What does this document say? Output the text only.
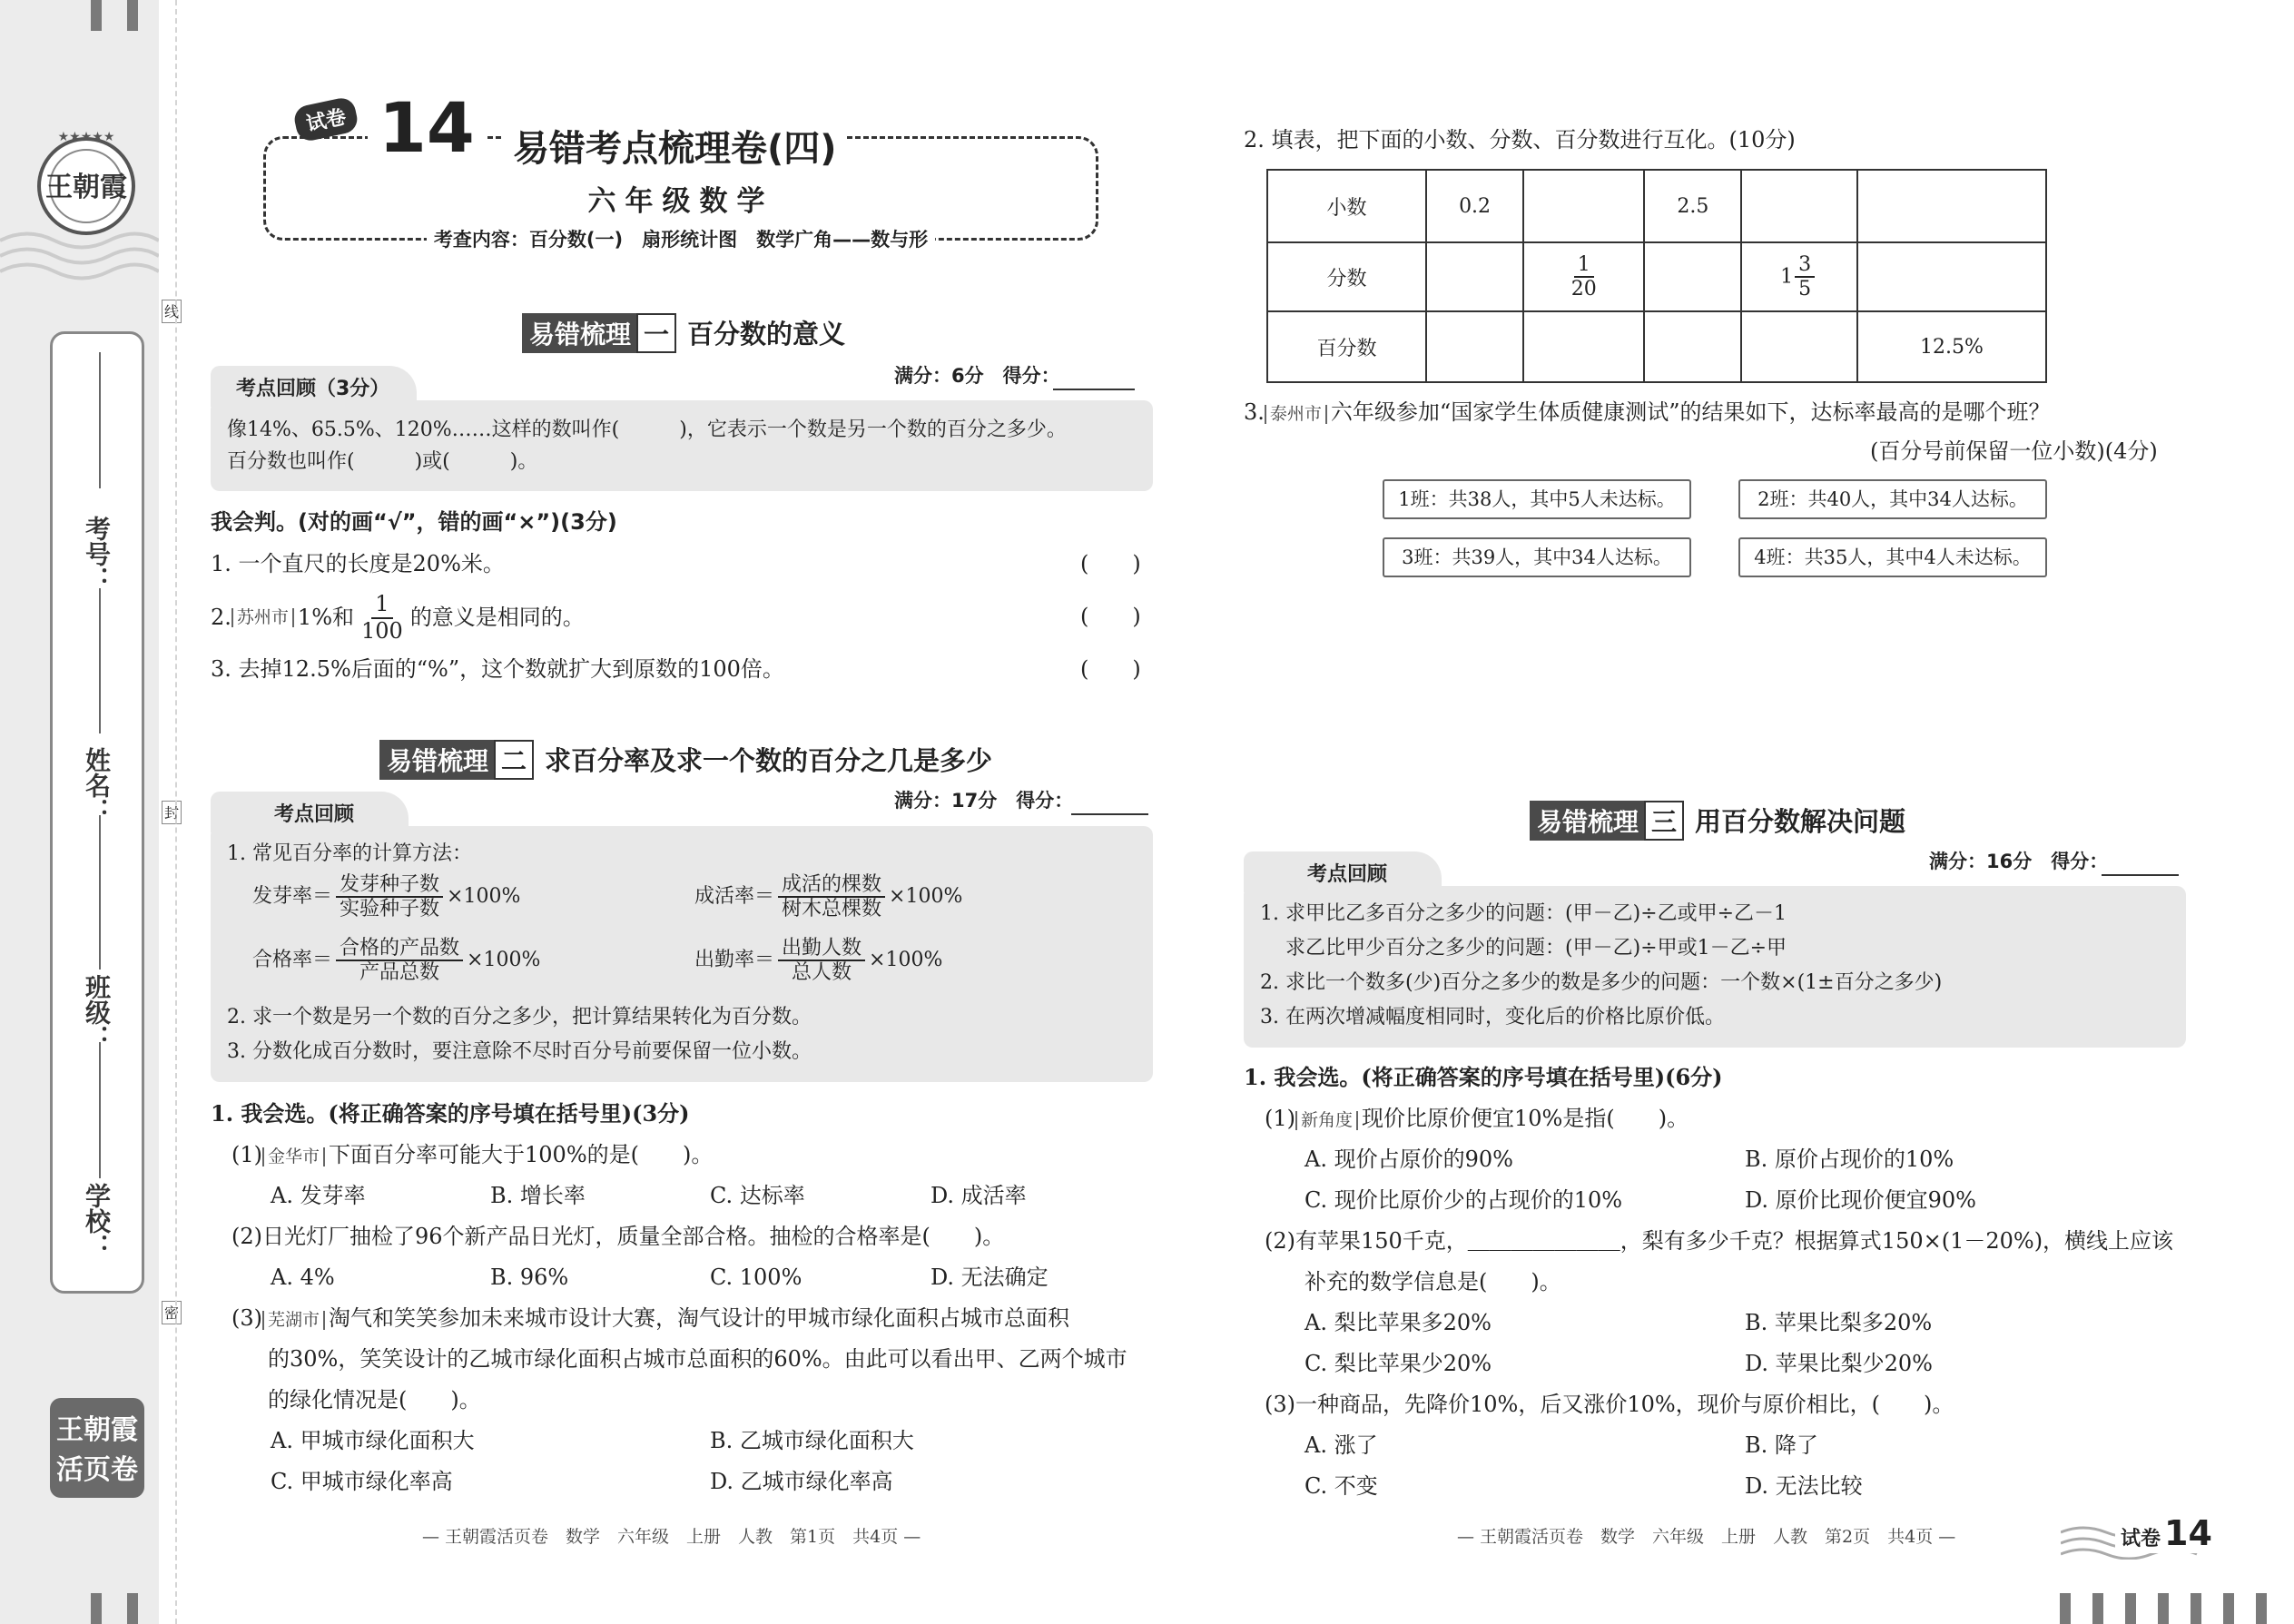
★★★★★
王朝霞
考号：
姓名：
班级：
学校：
线
封
密
王朝霞
活页卷
试卷 14	易错考点梳理卷(四)
六年级数学
考查内容：百分数(一)　扇形统计图　数学广角——数与形
易错梳理 一 百分数的意义
考点回顾（3分）
满分：6分　得分：
像14%、65.5%、120%……这样的数叫作(　　　)，它表示一个数是另一个数的百分之多少。
百分数也叫作(　　　)或(　　　)。
我会判。(对的画“√”，错的画“×”)(3分)
1. 一个直尺的长度是20%米。	(　　)
2. 苏州市 1%和 $\frac{1}{100}$ 的意义是相同的。	(　　)
3. 去掉12.5%后面的“%”，这个数就扩大到原数的100倍。	(　　)
易错梳理 二 求百分率及求一个数的百分之几是多少
考点回顾
满分：17分　得分：
1. 常见百分率的计算方法：
发芽率＝ $\frac{\text{发芽种子数}}{\text{实验种子数}} \times 100\%$	成活率＝ $\frac{\text{成活的棵数}}{\text{树木总棵数}} \times 100\%$
合格率＝ $\frac{\text{合格的产品数}}{\text{产品总数}} \times 100\%$	出勤率＝ $\frac{\text{出勤人数}}{\text{总人数}} \times 100\%$
2. 求一个数是另一个数的百分之多少，把计算结果转化为百分数。
3. 分数化成百分数时，要注意除不尽时百分号前要保留一位小数。
1. 我会选。(将正确答案的序号填在括号里)(3分)
(1) 金华市 下面百分率可能大于100%的是(　　)。
A. 发芽率	B. 增长率	C. 达标率	D. 成活率
(2)日光灯厂抽检了96个新产品日光灯，质量全部合格。抽检的合格率是(　　)。
A. 4%	B. 96%	C. 100%	D. 无法确定
(3) 芜湖市 淘气和笑笑参加未来城市设计大赛，淘气设计的甲城市绿化面积占城市总面积
的30%，笑笑设计的乙城市绿化面积占城市总面积的60%。由此可以看出甲、乙两个城市
的绿化情况是(　　)。
A. 甲城市绿化面积大	B. 乙城市绿化面积大
C. 甲城市绿化率高	D. 乙城市绿化率高
— 王朝霞活页卷　数学　六年级　上册　人教　第1页　共4页 —
2. 填表，把下面的小数、分数、百分数进行互化。(10分)
小数	0.2		2.5		
分数		$\frac{1}{20}$		$1 \frac{3}{5}$

百分数					12.5%
3. 泰州市 六年级参加“国家学生体质健康测试”的结果如下，达标率最高的是哪个班？
(百分号前保留一位小数)(4分)
1班：共38人，其中5人未达标。	2班：共40人，其中34人达标。
3班：共39人，其中34人达标。	4班：共35人，其中4人未达标。
易错梳理 三 用百分数解决问题
考点回顾
满分：16分　得分：
1. 求甲比乙多百分之多少的问题：(甲－乙)÷乙或甲÷乙－1
求乙比甲少百分之多少的问题：(甲－乙)÷甲或1－乙÷甲
2. 求比一个数多(少)百分之多少的数是多少的问题：一个数×(1±百分之多少)
3. 在两次增减幅度相同时，变化后的价格比原价低。
1. 我会选。(将正确答案的序号填在括号里)(6分)
(1) 新角度 现价比原价便宜10%是指(　　)。
A. 现价占原价的90%	B. 原价占现价的10%
C. 现价比原价少的占现价的10%	D. 原价比现价便宜90%
(2)有苹果150千克，＿＿＿＿＿＿＿，梨有多少千克？根据算式150×(1－20%)，横线上应该
补充的数学信息是(　　)。
A. 梨比苹果多20%	B. 苹果比梨多20%
C. 梨比苹果少20%	D. 苹果比梨少20%
(3)一种商品，先降价10%，后又涨价10%，现价与原价相比，(　　)。
A. 涨了	B. 降了
C. 不变	D. 无法比较
— 王朝霞活页卷　数学　六年级　上册　人教　第2页　共4页 —	试卷 14
